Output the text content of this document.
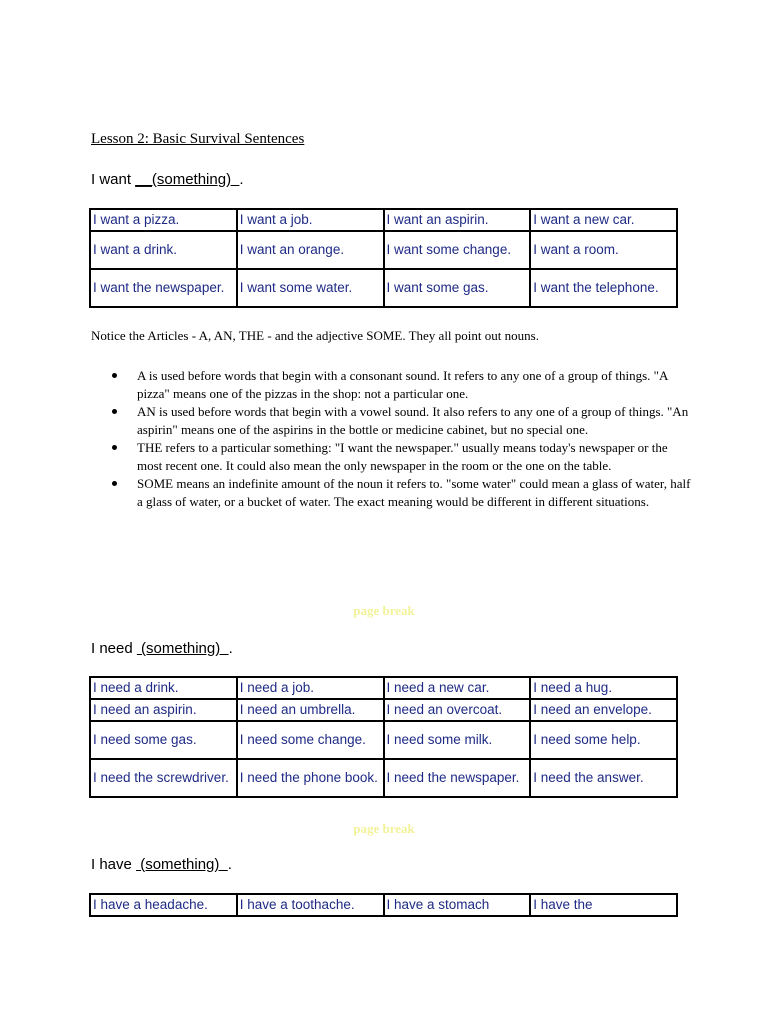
Lesson 2: Basic Survival Sentences
I want __(something)  .
I want a pizza.	I want a job.	I want an aspirin.	I want a new car.
I want a drink.	I want an orange.	I want some change.	I want a room.
I want the newspaper.	I want some water.	I want some gas.	I want the telephone.
Notice the Articles - A, AN, THE - and the adjective SOME. They all point out nouns.
A is used before words that begin with a consonant sound. It refers to any one of a group of things. "A pizza" means one of the pizzas in the shop: not a particular one.
AN is used before words that begin with a vowel sound. It also refers to any one of a group of things. "An aspirin" means one of the aspirins in the bottle or medicine cabinet, but no special one.
THE refers to a particular something: "I want the newspaper." usually means today's newspaper or the most recent one. It could also mean the only newspaper in the room or the one on the table.
SOME means an indefinite amount of the noun it refers to. "some water" could mean a glass of water, half a glass of water, or a bucket of water. The exact meaning would be different in different situations.
page break
I need  (something)  .
I need a drink.	I need a job.	I need a new car.	I need a hug.
I need an aspirin.	I need an umbrella.	I need an overcoat.	I need an envelope.
I need some gas.	I need some change.	I need some milk.	I need some help.
I need the screwdriver.	I need the phone book.	I need the newspaper.	I need the answer.
page break
I have  (something)  .
I have a headache.	I have a toothache.	I have a stomach	I have the
